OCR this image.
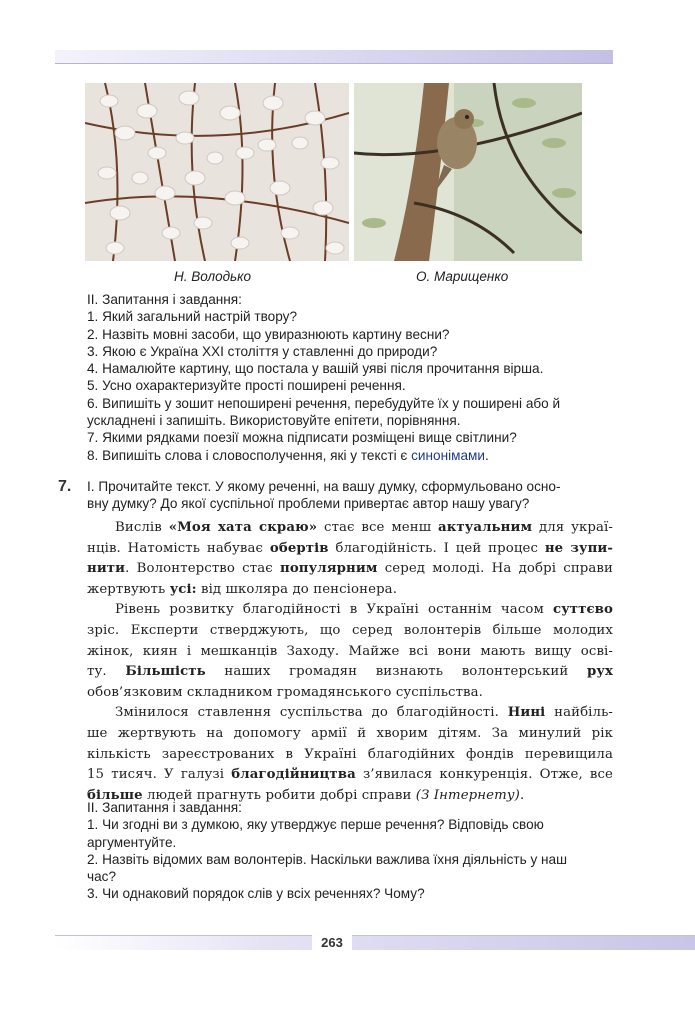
Н. Володько	О. Марищенко
ІІ. Запитання і завдання:
1. Який загальний настрій твору?
2. Назвіть мовні засоби, що увиразнюють картину весни?
3. Якою є Україна XXI століття у ставленні до природи?
4. Намалюйте картину, що постала у вашій уяві після прочитання вірша.
5. Усно охарактеризуйте прості поширені речення.
6. Випишіть у зошит непоширені речення, перебудуйте їх у поширені або й
ускладнені і запишіть. Використовуйте епітети, порівняння.
7. Якими рядками поезії можна підписати розміщені вище світлини?
8. Випишіть слова і словосполучення, які у тексті є синонімами.
7. І. Прочитайте текст. У якому реченні, на вашу думку, сформульовано осно-
вну думку? До якої суспільної проблеми привертає автор нашу увагу?
Вислів «Моя хата скраю» стає все менш актуальним для украї-
нців. Натомість набуває обертів благодійність. І цей процес не зупи-
нити. Волонтерство стає популярним серед молоді. На добрі справи
жертвують усі: від школяра до пенсіонера.
Рівень розвитку благодійності в Україні останнім часом суттєво
зріс. Експерти стверджують, що серед волонтерів більше молодих
жінок, киян і мешканців Заходу. Майже всі вони мають вищу осві-
ту. Більшість наших громадян визнають волонтерський рух
обов’язковим складником громадянського суспільства.
Змінилося ставлення суспільства до благодійності. Нині найбіль-
ше жертвують на допомогу армії й хворим дітям. За минулий рік
кількість зареєстрованих в Україні благодійних фондів перевищила
15 тисяч. У галузі благодійництва з’явилася конкуренція. Отже, все
більше людей прагнуть робити добрі справи (З Інтернету).
ІІ. Запитання і завдання:
1. Чи згодні ви з думкою, яку утверджує перше речення? Відповідь свою
аргументуйте.
2. Назвіть відомих вам волонтерів. Наскільки важлива їхня діяльність у наш
час?
3. Чи однаковий порядок слів у всіх реченнях? Чому?
263
